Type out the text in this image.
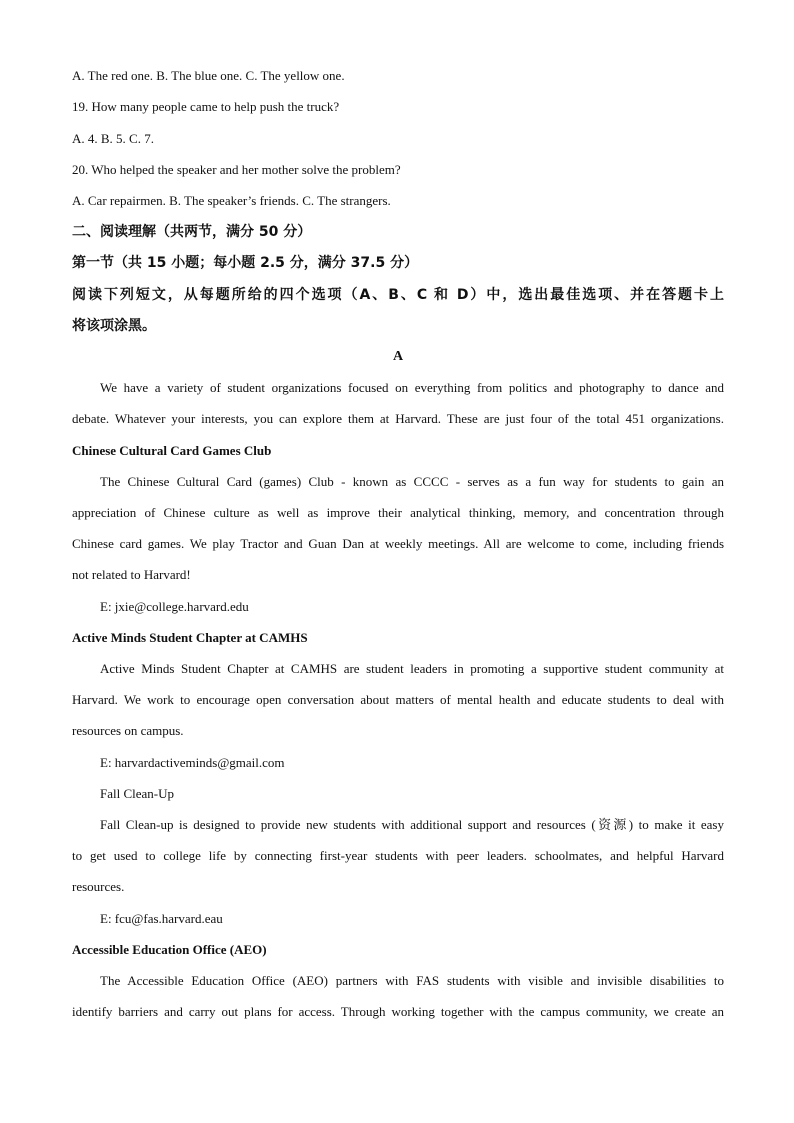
A. The red one. B. The blue one. C. The yellow one.
19. How many people came to help push the truck?
A. 4. B. 5. C. 7.
20. Who helped the speaker and her mother solve the problem?
A. Car repairmen. B. The speaker’s friends. C. The strangers.
二、阅读理解（共两节，满分 50 分）
第一节（共 15 小题；每小题 2.5 分，满分 37.5 分）
阅读下列短文，从每题所给的四个选项（A、B、C 和 D）中，选出最佳选项、并在答题卡上
将该项涂黑。
A
We have a variety of student organizations focused on everything from politics and photography to dance and
debate. Whatever your interests, you can explore them at Harvard. These are just four of the total 451 organizations.
Chinese Cultural Card Games Club
The Chinese Cultural Card (games) Club - known as CCCC - serves as a fun way for students to gain an
appreciation of Chinese culture as well as improve their analytical thinking, memory, and concentration through
Chinese card games. We play Tractor and Guan Dan at weekly meetings. All are welcome to come, including friends
not related to Harvard!
E: jxie@college.harvard.edu
Active Minds Student Chapter at CAMHS
Active Minds Student Chapter at CAMHS are student leaders in promoting a supportive student community at
Harvard. We work to encourage open conversation about matters of mental health and educate students to deal with
resources on campus.
E: harvardactiveminds@gmail.com
Fall Clean-Up
Fall Clean-up is designed to provide new students with additional support and resources (资源) to make it easy
to get used to college life by connecting first-year students with peer leaders. schoolmates, and helpful Harvard
resources.
E: fcu@fas.harvard.eau
Accessible Education Office (AEO)
The Accessible Education Office (AEO) partners with FAS students with visible and invisible disabilities to
identify barriers and carry out plans for access. Through working together with the campus community, we create an
